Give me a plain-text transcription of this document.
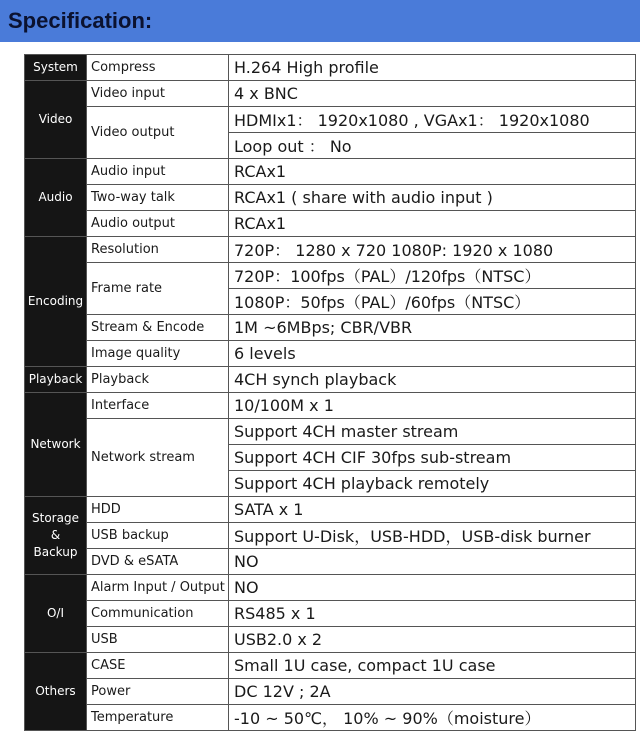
Specification:
System	Compress	H.264 High profile
Video	Video input	4 x BNC
	Video output	HDMIx1： 1920x1080 , VGAx1： 1920x1080
		Loop out ： No
Audio	Audio input	RCAx1
	Two-way talk	RCAx1 ( share with audio input )
	Audio output	RCAx1
Encoding	Resolution	720P： 1280 x 720 1080P: 1920 x 1080
	Frame rate	720P：100fps（PAL）/120fps（NTSC）
		1080P：50fps（PAL）/60fps（NTSC）
	Stream & Encode	1M ~6MBps; CBR/VBR
	Image quality	6 levels
Playback	Playback	4CH synch playback
Network	Interface	10/100M x 1
	Network stream	Support 4CH master stream
		Support 4CH CIF 30fps sub-stream
		Support 4CH playback remotely
Storage & Backup	HDD	SATA x 1
	USB backup	Support U-Disk，USB-HDD，USB-disk burner
	DVD & eSATA	NO
O/I	Alarm Input / Output	NO
	Communication	RS485 x 1
	USB	USB2.0 x 2
Others	CASE	Small 1U case, compact 1U case
	Power	DC 12V ; 2A
	Temperature	-10 ~ 50℃， 10% ~ 90%（moisture）
